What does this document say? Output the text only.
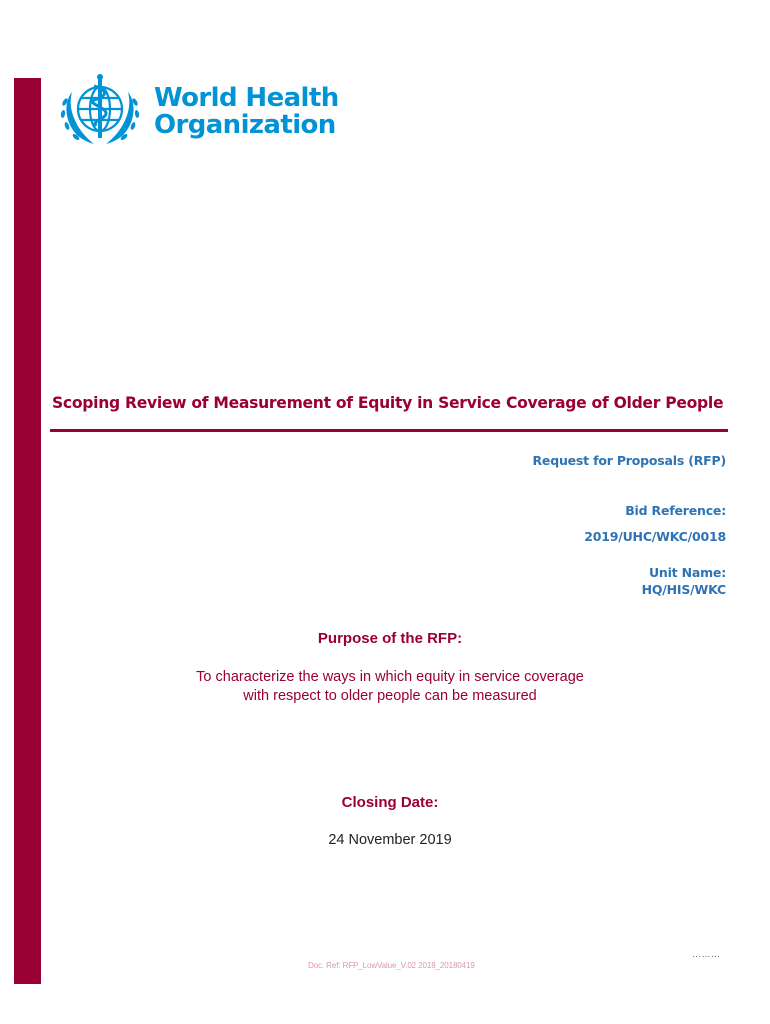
World Health
Organization
Scoping Review of Measurement of Equity in Service Coverage of Older People
Request for Proposals (RFP)
Bid Reference:
2019/UHC/WKC/0018
Unit Name:
HQ/HIS/WKC
Purpose of the RFP:
To characterize the ways in which equity in service coverage
with respect to older people can be measured
Closing Date:
24 November 2019
………
Doc. Ref: RFP_LowValue_V.02 2018_20180419
